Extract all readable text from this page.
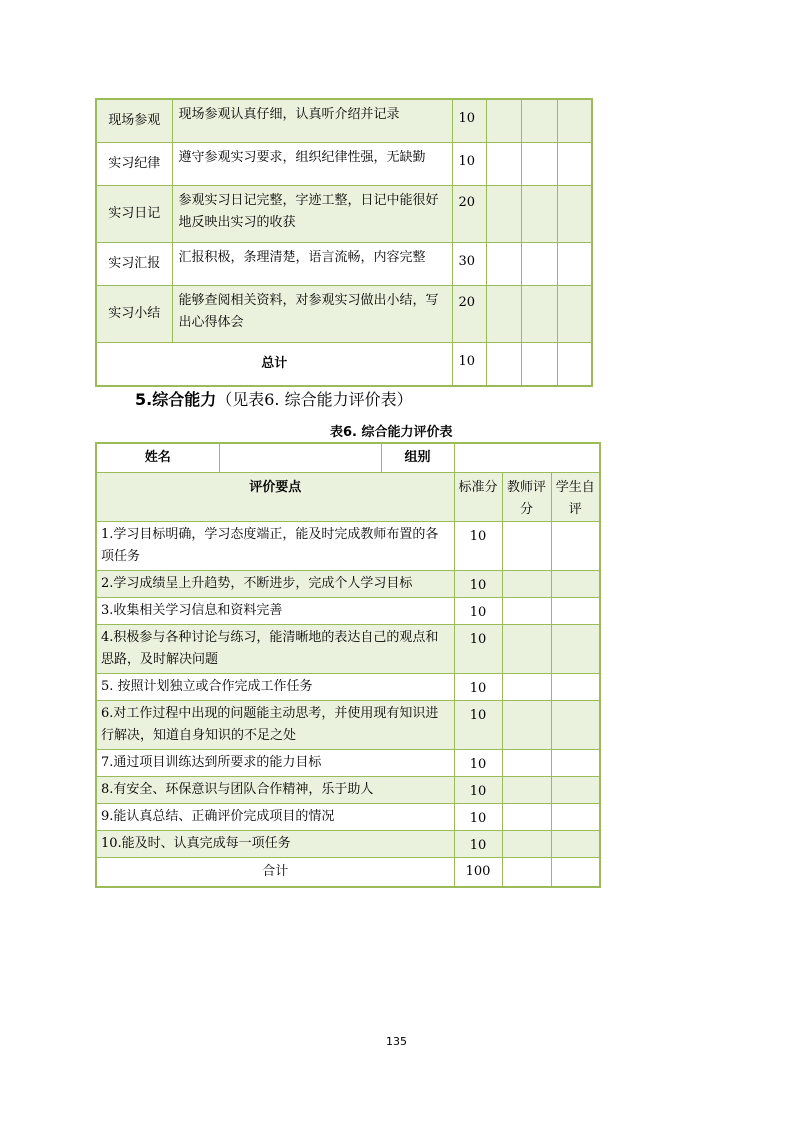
现场参观	现场参观认真仔细，认真听介绍并记录	10			
实习纪律	遵守参观实习要求，组织纪律性强，无缺勤	10			
实习日记	参观实习日记完整，字迹工整，日记中能很好地反映出实习的收获	20			
实习汇报	汇报积极，条理清楚，语言流畅，内容完整	30			
实习小结	能够查阅相关资料，对参观实习做出小结，写出心得体会	20			
总计		10			
5.综合能力（见表6. 综合能力评价表）
表6. 综合能力评价表
姓名		组别			
评价要点			标准分	教师评分	学生自评
1.学习目标明确，学习态度端正，能及时完成教师布置的各项任务			10		
2.学习成绩呈上升趋势，不断进步，完成个人学习目标			10		
3.收集相关学习信息和资料完善			10		
4.积极参与各种讨论与练习，能清晰地的表达自己的观点和思路，及时解决问题			10		
5. 按照计划独立或合作完成工作任务			10		
6.对工作过程中出现的问题能主动思考，并使用现有知识进行解决，知道自身知识的不足之处			10		
7.通过项目训练达到所要求的能力目标			10		
8.有安全、环保意识与团队合作精神，乐于助人			10		
9.能认真总结、正确评价完成项目的情况			10		
10.能及时、认真完成每一项任务			10		
合计			100		
135
